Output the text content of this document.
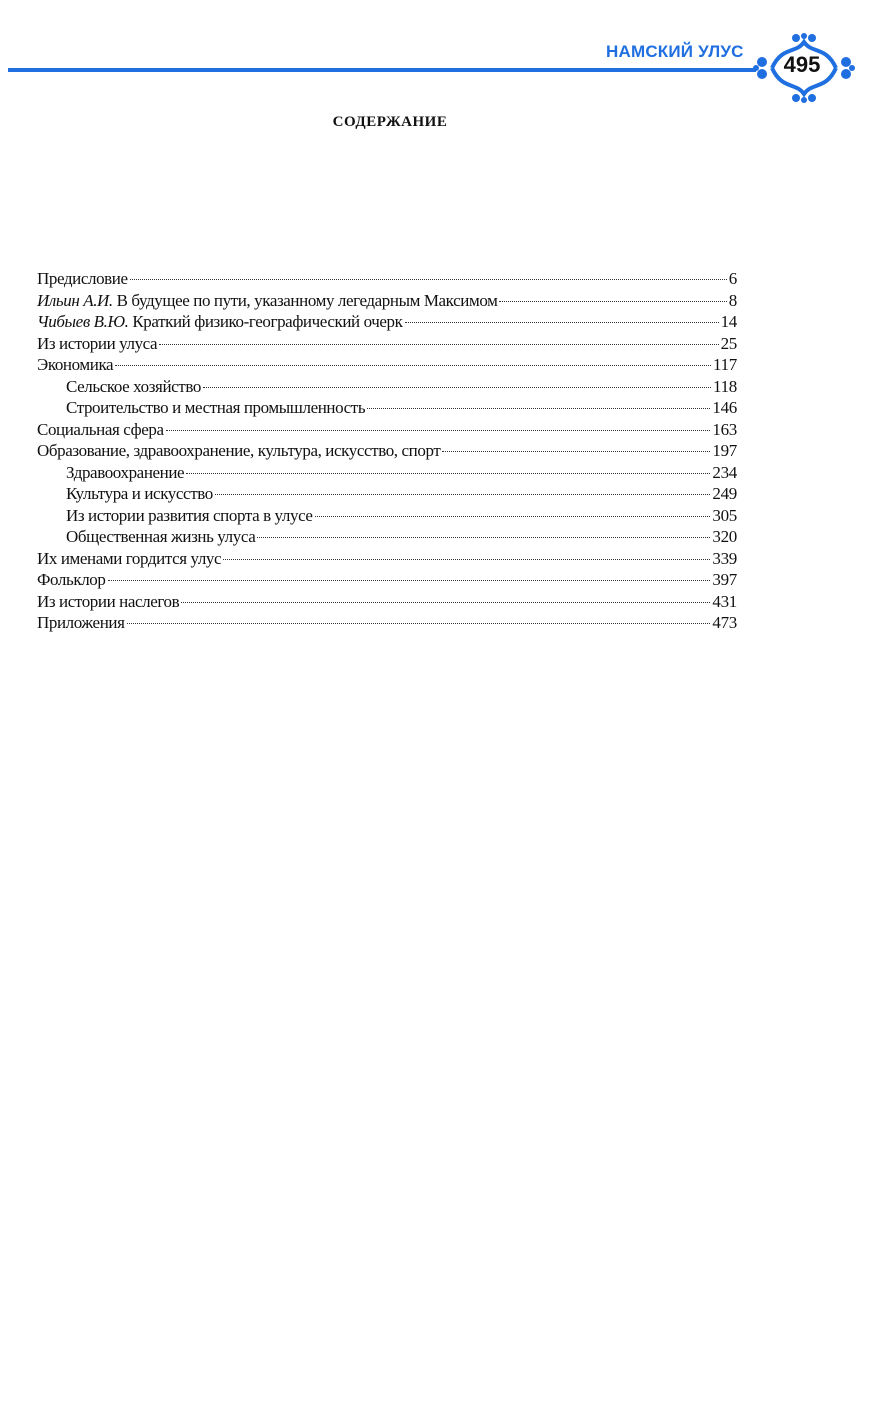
НАМСКИЙ УЛУС
495
СОДЕРЖАНИЕ
Предисловие	6
Ильин А.И. В будущее по пути, указанному легедарным Максимом	8
Чибыев В.Ю. Краткий физико-географический очерк	14
Из истории улуса	25
Экономика	117
Сельское хозяйство	118
Строительство и местная промышленность	146
Социальная сфера	163
Образование, здравоохранение, культура, искусство, спорт	197
Здравоохранение	234
Культура и искусство	249
Из истории развития спорта в улусе	305
Общественная жизнь улуса	320
Их именами гордится улус	339
Фольклор	397
Из истории наслегов	431
Приложения	473
